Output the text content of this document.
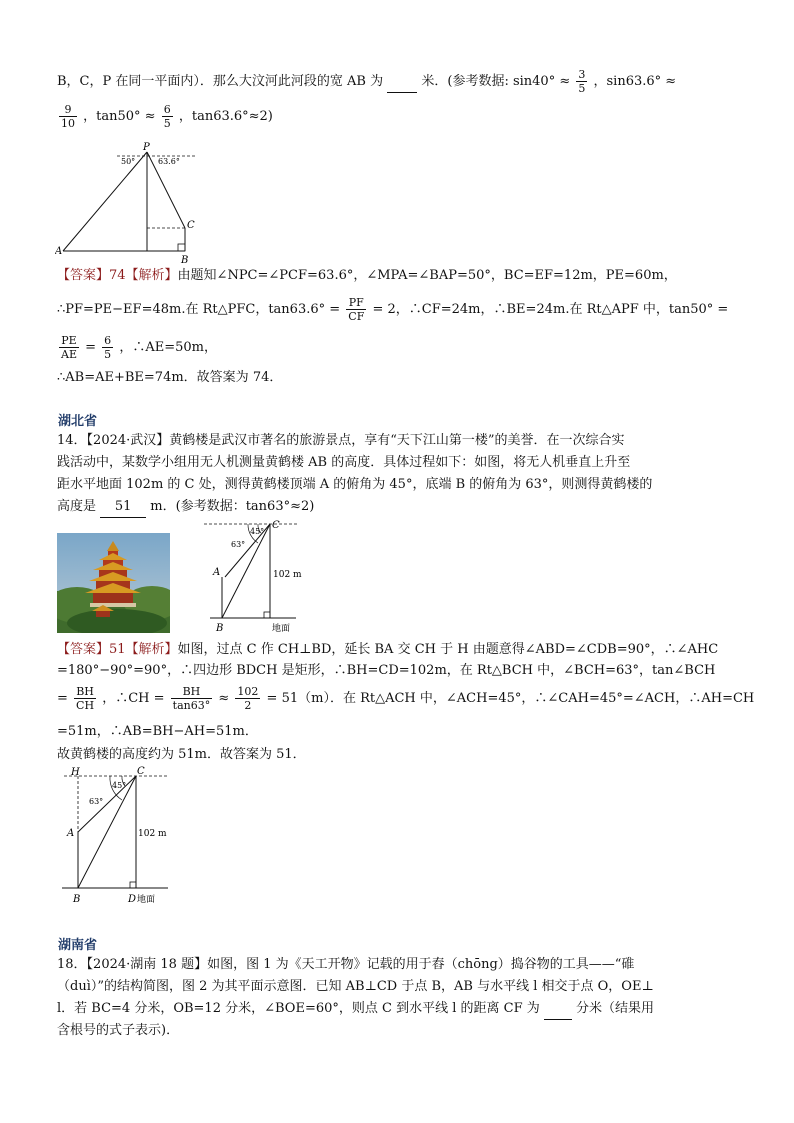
B，C，P 在同一平面内）．那么大汶河此河段的宽 AB 为	米．(参考数据: $\sin 40^\circ \approx \frac{3}{5}$ ，sin63.6° ≈
$\frac{9}{10}$ ，$\tan 50^\circ \approx \frac{6}{5}$ ，tan63.6°≈2)
P
50°	63.6°
C
A
B
【答案】74【解析】由题知∠NPC=∠PCF=63.6°，∠MPA=∠BAP=50°，BC=EF=12m，PE=60m，
∴PF=PE−EF=48m.在 Rt△PFC，$\tan 63.6^\circ = \frac{PF}{CF} = 2$，∴CF=24m，∴BE=24m.在 Rt△APF 中，tan50° =
$\frac{PE}{AE} = \frac{6}{5}$ ，∴AE=50m，
∴AB=AE+BE=74m．故答案为 74．
湖北省
14．【2024·武汉】黄鹤楼是武汉市著名的旅游景点，享有“天下江山第一楼”的美誉．在一次综合实
践活动中，某数学小组用无人机测量黄鹤楼 AB 的高度．具体过程如下：如图，将无人机垂直上升至
距水平地面 102m 的 C 处，测得黄鹤楼顶端 A 的俯角为 45°，底端 B 的俯角为 63°，则测得黄鹤楼的
高度是 51 m．(参考数据：tan63°≈2)
C
45°
63°
102 m
A
B	地面
【答案】51【解析】如图，过点 C 作 CH⊥BD，延长 BA 交 CH 于 H 由题意得∠ABD=∠CDB=90°，∴∠AHC
=180°−90°=90°，∴四边形 BDCH 是矩形，∴BH=CD=102m，在 Rt△BCH 中，∠BCH=63°，tan∠BCH
= $\frac{BH}{CH}$ ，∴CH = $\frac{BH}{\tan 63^\circ} \approx \frac{102}{2} = 51(m)$．在 Rt△ACH 中，∠ACH=45°，∴∠CAH=45°=∠ACH，∴AH=CH
=51m，∴AB=BH−AH=51m．
故黄鹤楼的高度约为 51m．故答案为 51．
H	C
45°
63°
102 m
A
B	D 地面
湖南省
18．【2024·湖南 18 题】如图，图 1 为《天工开物》记载的用于舂（chōng）捣谷物的工具——“碓
（duì）”的结构简图，图 2 为其平面示意图．已知 AB⊥CD 于点 B，AB 与水平线 l 相交于点 O，OE⊥
l．若 BC=4 分米，OB=12 分米，∠BOE=60°，则点 C 到水平线 l 的距离 CF 为	分米（结果用
含根号的式子表示)．
